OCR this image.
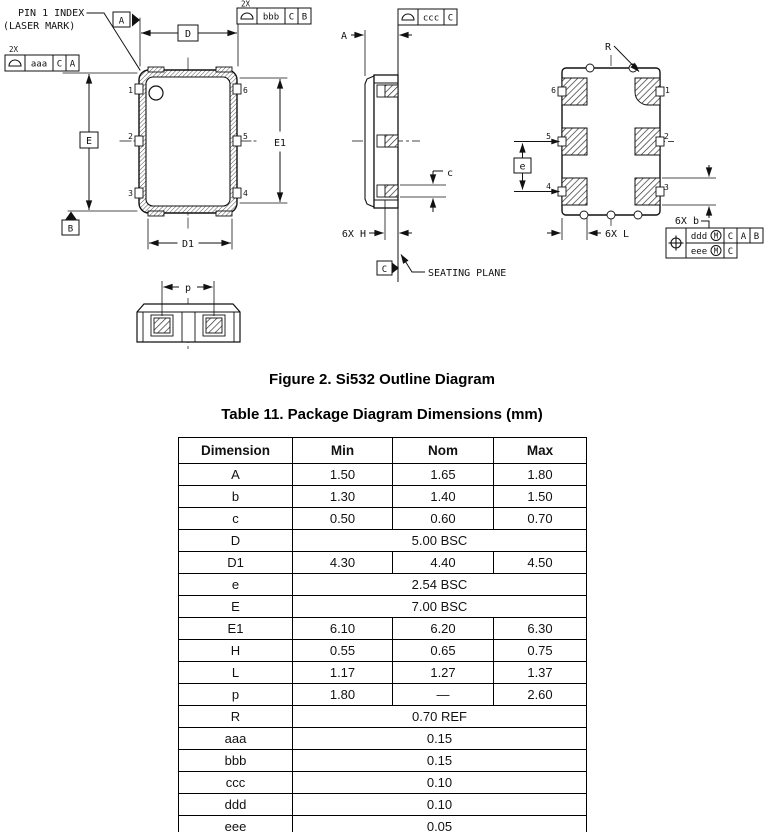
1
2
3
6
5
4
PIN 1 INDEX
(LASER MARK)	A
D
E
B
D1
E1
2X
aaa C A
2X
bbb C B
A
c
6X H
C	SEATING PLANE
ccc C
6
5
4
1
2
3
R
e
6X L
6X b
ddd M C A B
eee M C
p
Figure 2. Si532 Outline Diagram
Table 11. Package Diagram Dimensions (mm)
Dimension	Min	Nom	Max
A	1.50	1.65	1.80
b	1.30	1.40	1.50
c	0.50	0.60	0.70
D	5.00 BSC		
D1	4.30	4.40	4.50
e	2.54 BSC		
E	7.00 BSC		
E1	6.10	6.20	6.30
H	0.55	0.65	0.75
L	1.17	1.27	1.37
p	1.80	—	2.60
R	0.70 REF		
aaa	0.15		
bbb	0.15		
ccc	0.10		
ddd	0.10		
eee	0.05		
